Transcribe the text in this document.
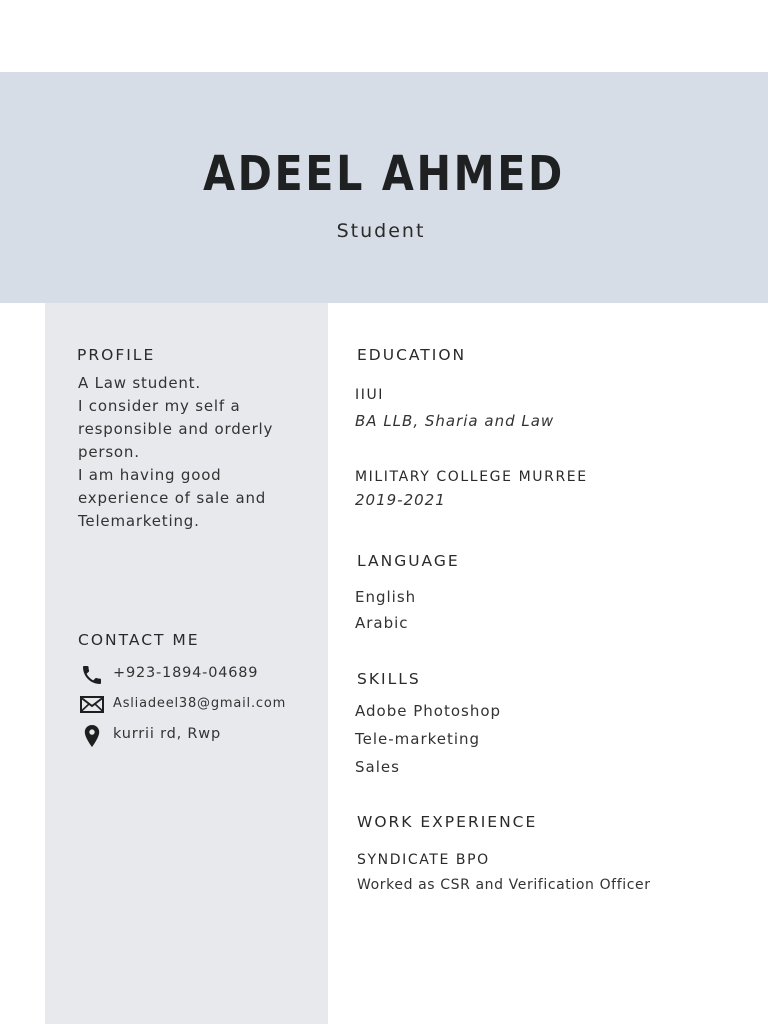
ADEEL AHMED
Student
PROFILE
A Law student.
I consider my self a
responsible and orderly
person.
I am having good
experience of sale and
Telemarketing.
CONTACT ME
+923-1894-04689
Asliadeel38@gmail.com
kurrii rd, Rwp
EDUCATION
IIUI
BA LLB, Sharia and Law
MILITARY COLLEGE MURREE
2019-2021
LANGUAGE
English
Arabic
SKILLS
Adobe Photoshop
Tele-marketing
Sales
WORK EXPERIENCE
SYNDICATE BPO
Worked as CSR and Verification Officer
